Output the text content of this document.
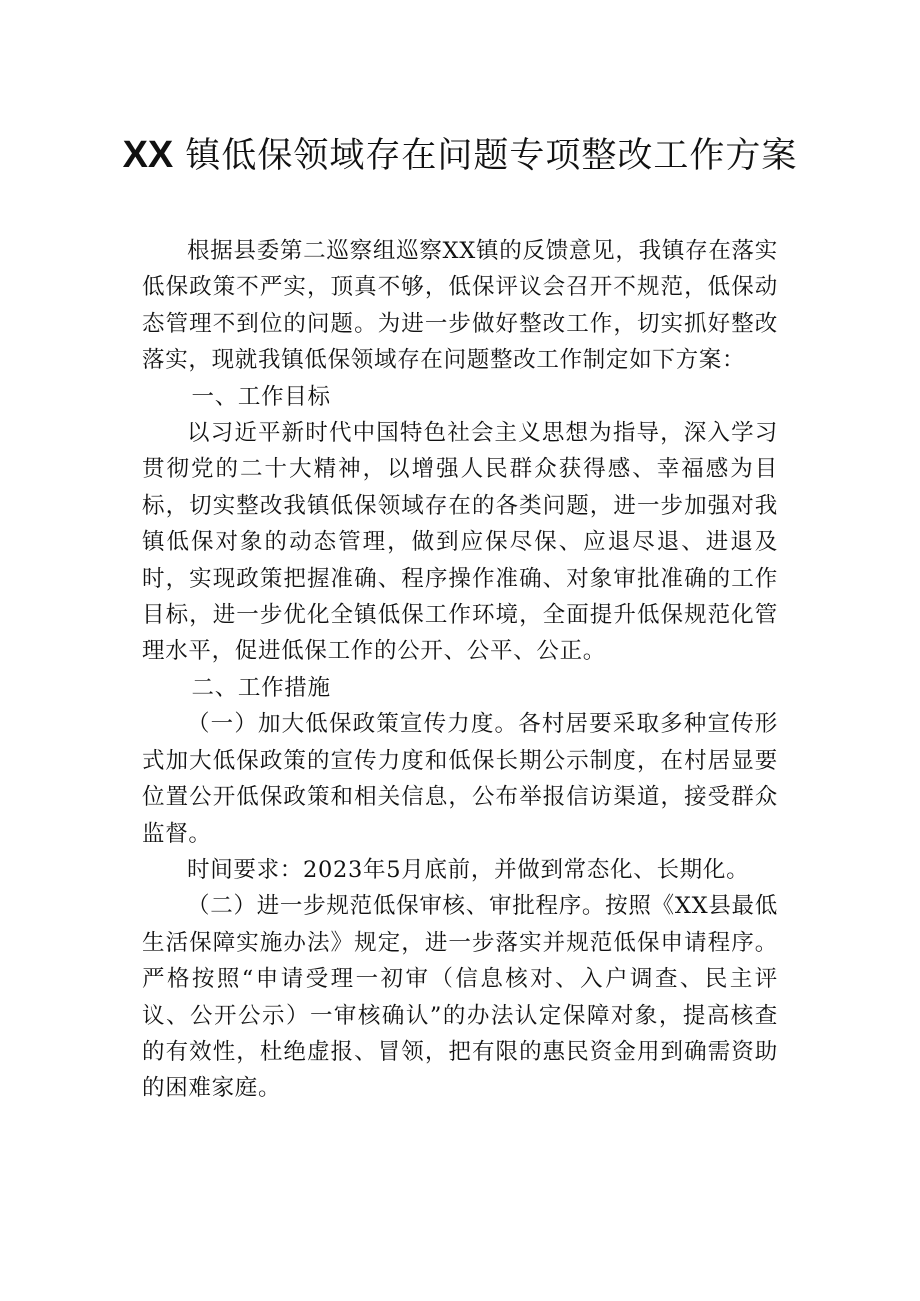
XX 镇低保领域存在问题专项整改工作方案

根据县委第二巡察组巡察XX镇的反馈意见，我镇存在落实低保政策不严实，顶真不够，低保评议会召开不规范，低保动态管理不到位的问题。为进一步做好整改工作，切实抓好整改落实，现就我镇低保领域存在问题整改工作制定如下方案：

一、工作目标

以习近平新时代中国特色社会主义思想为指导，深入学习贯彻党的二十大精神，以增强人民群众获得感、幸福感为目标，切实整改我镇低保领域存在的各类问题，进一步加强对我镇低保对象的动态管理，做到应保尽保、应退尽退、进退及时，实现政策把握准确、程序操作准确、对象审批准确的工作目标，进一步优化全镇低保工作环境，全面提升低保规范化管理水平，促进低保工作的公开、公平、公正。

二、工作措施

（一）加大低保政策宣传力度。各村居要采取多种宣传形式加大低保政策的宣传力度和低保长期公示制度，在村居显要位置公开低保政策和相关信息，公布举报信访渠道，接受群众监督。

时间要求：2023年5月底前，并做到常态化、长期化。

（二）进一步规范低保审核、审批程序。按照《XX县最低生活保障实施办法》规定，进一步落实并规范低保申请程序。严格按照“申请受理一初审（信息核对、入户调查、民主评议、公开公示）一审核确认”的办法认定保障对象，提高核查的有效性，杜绝虚报、冒领，把有限的惠民资金用到确需资助的困难家庭。
